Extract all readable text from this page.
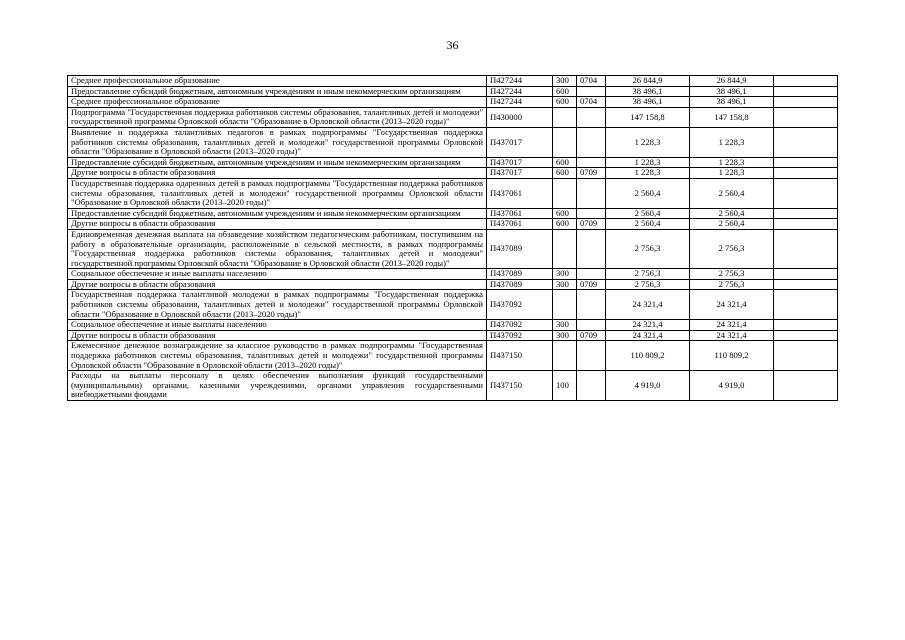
36
Среднее профессиональное образование	П427244	300	0704	26 844,9	26 844,9	
Предоставление субсидий бюджетным, автономным учреждениям и иным некоммерческим организациям	П427244	600		38 496,1	38 496,1	
Среднее профессиональное образование	П427244	600	0704	38 496,1	38 496,1	
Подпрограмма "Государственная поддержка работников системы образования, талантливых детей и молодежи" государственной программы Орловской области "Образование в Орловской области (2013–2020 годы)"	П430000			147 158,8	147 158,8	
Выявление и поддержка талантливых педагогов в рамках подпрограммы "Государственная поддержка работников системы образования, талантливых детей и молодежи" государственной программы Орловской области "Образование в Орловской области (2013–2020 годы)"	П437017			1 228,3	1 228,3	
Предоставление субсидий бюджетным, автономным учреждениям и иным некоммерческим организациям	П437017	600		1 228,3	1 228,3	
Другие вопросы в области образования	П437017	600	0709	1 228,3	1 228,3	
Государственная поддержка одаренных детей в рамках подпрограммы "Государственная поддержка работников системы образования, талантливых детей и молодежи" государственной программы Орловской области "Образование в Орловской области (2013–2020 годы)"	П437061			2 560,4	2 560,4	
Предоставление субсидий бюджетным, автономным учреждениям и иным некоммерческим организациям	П437061	600		2 560,4	2 560,4	
Другие вопросы в области образования	П437061	600	0709	2 560,4	2 560,4	
Единовременная денежная выплата на обзаведение хозяйством педагогическим работникам, поступившим на работу в образовательные организации, расположенные в сельской местности, в рамках подпрограммы "Государственная поддержка работников системы образования, талантливых детей и молодежи" государственной программы Орловской области "Образование в Орловской области (2013–2020 годы)"	П437089			2 756,3	2 756,3	
Социальное обеспечение и иные выплаты населению	П437089	300		2 756,3	2 756,3	
Другие вопросы в области образования	П437089	300	0709	2 756,3	2 756,3	
Государственная поддержка талантливой молодежи в рамках подпрограммы "Государственная поддержка работников системы образования, талантливых детей и молодежи" государственной программы Орловской области "Образование в Орловской области (2013–2020 годы)"	П437092			24 321,4	24 321,4	
Социальное обеспечение и иные выплаты населению	П437092	300		24 321,4	24 321,4	
Другие вопросы в области образования	П437092	300	0709	24 321,4	24 321,4	
Ежемесячное денежное вознаграждение за классное руководство в рамках подпрограммы "Государственная поддержка работников системы образования, талантливых детей и молодежи" государственной программы Орловской области "Образование в Орловской области (2013–2020 годы)"	П437150			110 809,2	110 809,2	
Расходы на выплаты персоналу в целях обеспечения выполнения функций государственными (муниципальными) органами, казенными учреждениями, органами управления государственными внебюджетными фондами	П437150	100		4 919,0	4 919,0	
